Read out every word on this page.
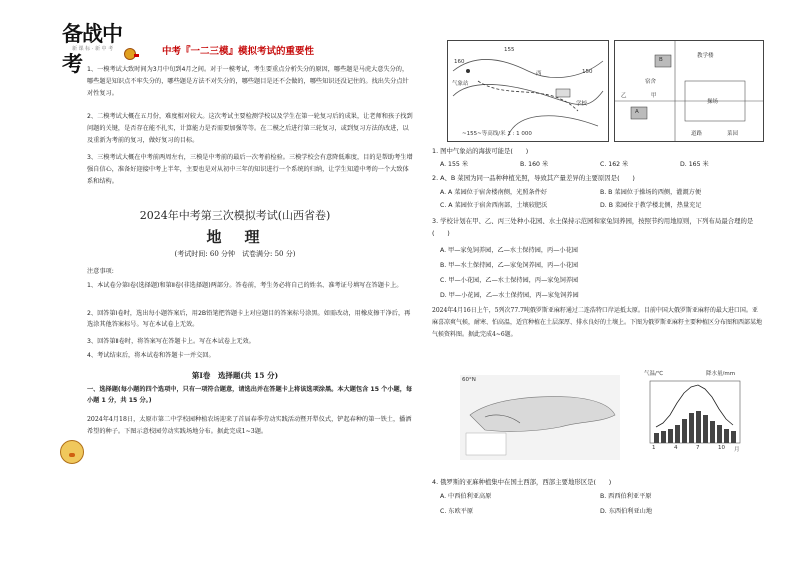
备战中考
新 课 标 · 新 中 考	中考『一二三模』模拟考试的重要性
1、一模考试大致时间为3月中旬到4月之间。对于一模考试，考生要重点分析失分的原因，哪些题是马虎大意失分的，哪些题是知识点不牢失分的，哪些题是方法不对失分的，哪些题目是还不会做的，哪些知识还没记住的。找出失分点针对性复习。
2、二模考试大概在五月份，难度相对较大。这次考试主要检测学校以及学生在第一轮复习后的成果，让老师和孩子找到问题的关键，是否存在能不扎实，计算能力是否需要加强等等。在二模之后进行第三轮复习，或到复习方法的改进，以及重新为考前的复习，做好复习的目标。
3、三模考试大概在中考前两周左右，三模是中考前的最后一次考前检验。三模学校会有意降低难度，目的是帮助考生增强自信心，准备好迎接中考上半年，主要也是对从初中三年的知识进行一个系统的归纳，让学生知道中考的一个大致体系和结构。
2024年中考第三次模拟考试(山西省卷)
地　理
(考试时间: 60 分钟　试卷满分: 50 分)
注意事项:
1、本试卷分第Ⅰ卷(选择题)和第Ⅱ卷(非选择题)两部分。答卷前，考生务必将自己的姓名、准考证号填写在答题卡上。
2、回答第Ⅰ卷时，选出每小题答案后，用2B铅笔把答题卡上对应题目的答案标号涂黑。如需改动，用橡皮擦干净后，再选涂其他答案标号。写在本试卷上无效。
3、回答第Ⅱ卷时，将答案写在答题卡上。写在本试卷上无效。
4、考试结束后，将本试卷和答题卡一并交回。
第Ⅰ卷　选择题(共 15 分)
一、选择题(每小题的四个选项中，只有一项符合题意，请选出并在答题卡上将该选项涂黑。本大题包含 15 个小题，每小题 1 分，共 15 分。)
2024年4月18日，太原市第二中学校园种植农场迎来了首届春季劳动实践活动暨开犁仪式，铲起春种的第一铁土，播洒希望的种子。下图示意校园劳动实践场地分布。据此完成1~3题。
160
155
150
西
学校
气象站
~155~等高线/米 1 : 1 000
教学楼
宿舍
甲
乙
操场
B
A
道路	菜园
1. 图中气象站的海拔可能是(　　)
A. 155 米	B. 160 米	C. 162 米	D. 165 米
2. A、B 菜园为同一品种种植光照，导致其产量差异的主要原因是(　　)
A. A 菜园位于宿舍楼南侧，光照条件好	B. B 菜园位于操场的西侧，灌溉方便
C. A 菜园位于宿舍西南部，土壤较肥沃	D. B 菜园位于教学楼北侧，热量充足
3. 学校计划在甲、乙、丙三处种小花园、水土保持示范园和家兔饲养园，按照节约用地原则，下列布局最合理的是(　　)
A. 甲—家兔饲养园，乙—水土保持园，丙—小花园
B. 甲—水土保持园，乙—家兔饲养园，丙—小花园
C. 甲—小花园，乙—水土保持园，丙—家兔饲养园
D. 甲—小花园，乙—水土保持园，丙—家兔饲养园
2024年4月16日上午，5列次77.7吨俄罗斯亚麻籽通过二连浩特口岸运抵太原。目前中国大俄罗斯亚麻籽的最大进口国。亚麻喜凉爽气候，耐寒、怕高温，适宜种植在土层深厚、排水良好的土壤上。下图为俄罗斯亚麻籽主要种植区分布图和西部某地气候资料图。据此完成4~6题。
60°N
气温/℃	降水量/mm
1	4	7	10 月
4. 俄罗斯的亚麻种植集中在国土西部，西部主要地形区是(　　)
A. 中西伯利亚高原	B. 西西伯利亚平原
C. 东欧平原	D. 东西伯利亚山地
